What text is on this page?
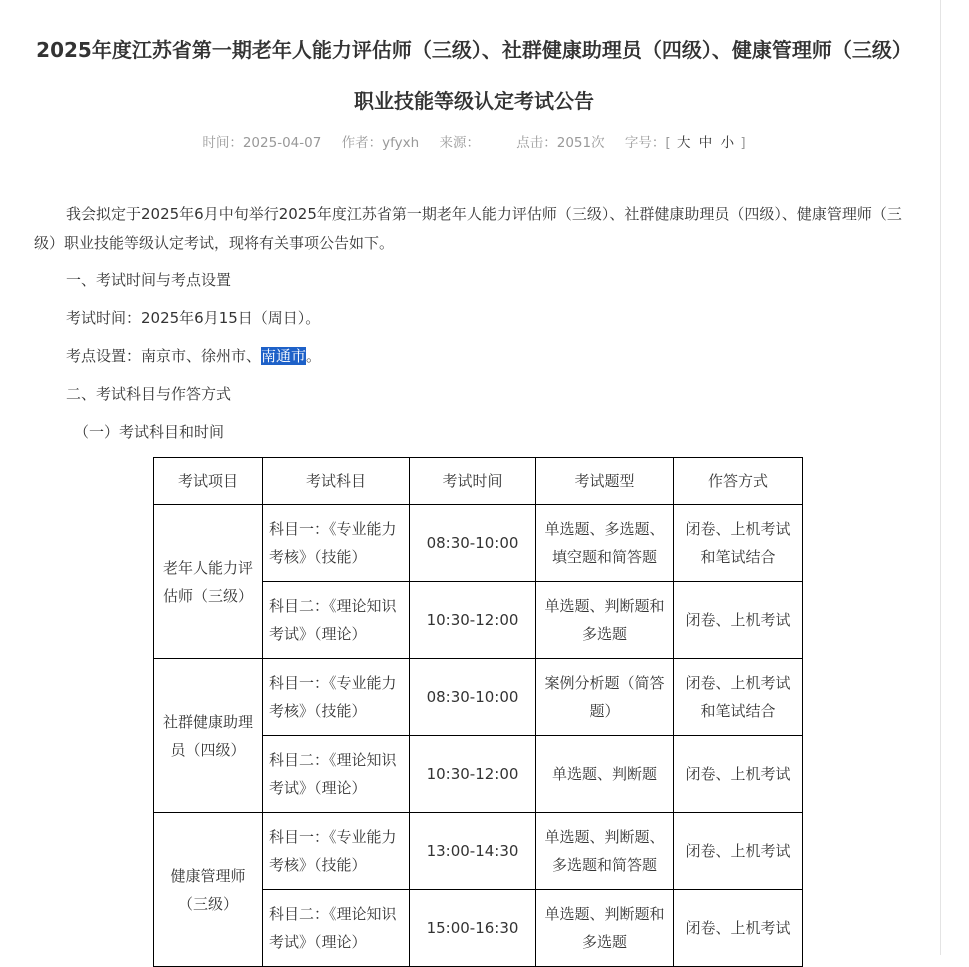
2025年度江苏省第一期老年人能力评估师（三级）、社群健康助理员（四级）、健康管理师（三级）
职业技能等级认定考试公告
时间：2025-04-07 作者：yfyxh 来源：	点击：2051次 字号：[ 大 中 小 ]

我会拟定于2025年6月中旬举行2025年度江苏省第一期老年人能力评估师（三级）、社群健康助理员（四级）、健康管理师（三级）职业技能等级认定考试，现将有关事项公告如下。

一、考试时间与考点设置

考试时间：2025年6月15日（周日）。

考点设置：南京市、徐州市、南通市。

二、考试科目与作答方式

（一）考试科目和时间

考试项目	考试科目	考试时间	考试题型	作答方式
老年人能力评估师（三级）	科目一：《专业能力考核》（技能）	08:30-10:00	单选题、多选题、填空题和简答题	闭卷、上机考试和笔试结合
	科目二：《理论知识考试》（理论）	10:30-12:00	单选题、判断题和多选题	闭卷、上机考试
社群健康助理员（四级）	科目一：《专业能力考核》（技能）	08:30-10:00	案例分析题（简答题）	闭卷、上机考试和笔试结合
	科目二：《理论知识考试》（理论）	10:30-12:00	单选题、判断题	闭卷、上机考试
健康管理师（三级）	科目一：《专业能力考核》（技能）	13:00-14:30	单选题、判断题、多选题和简答题	闭卷、上机考试
	科目二：《理论知识考试》（理论）	15:00-16:30	单选题、判断题和多选题	闭卷、上机考试
